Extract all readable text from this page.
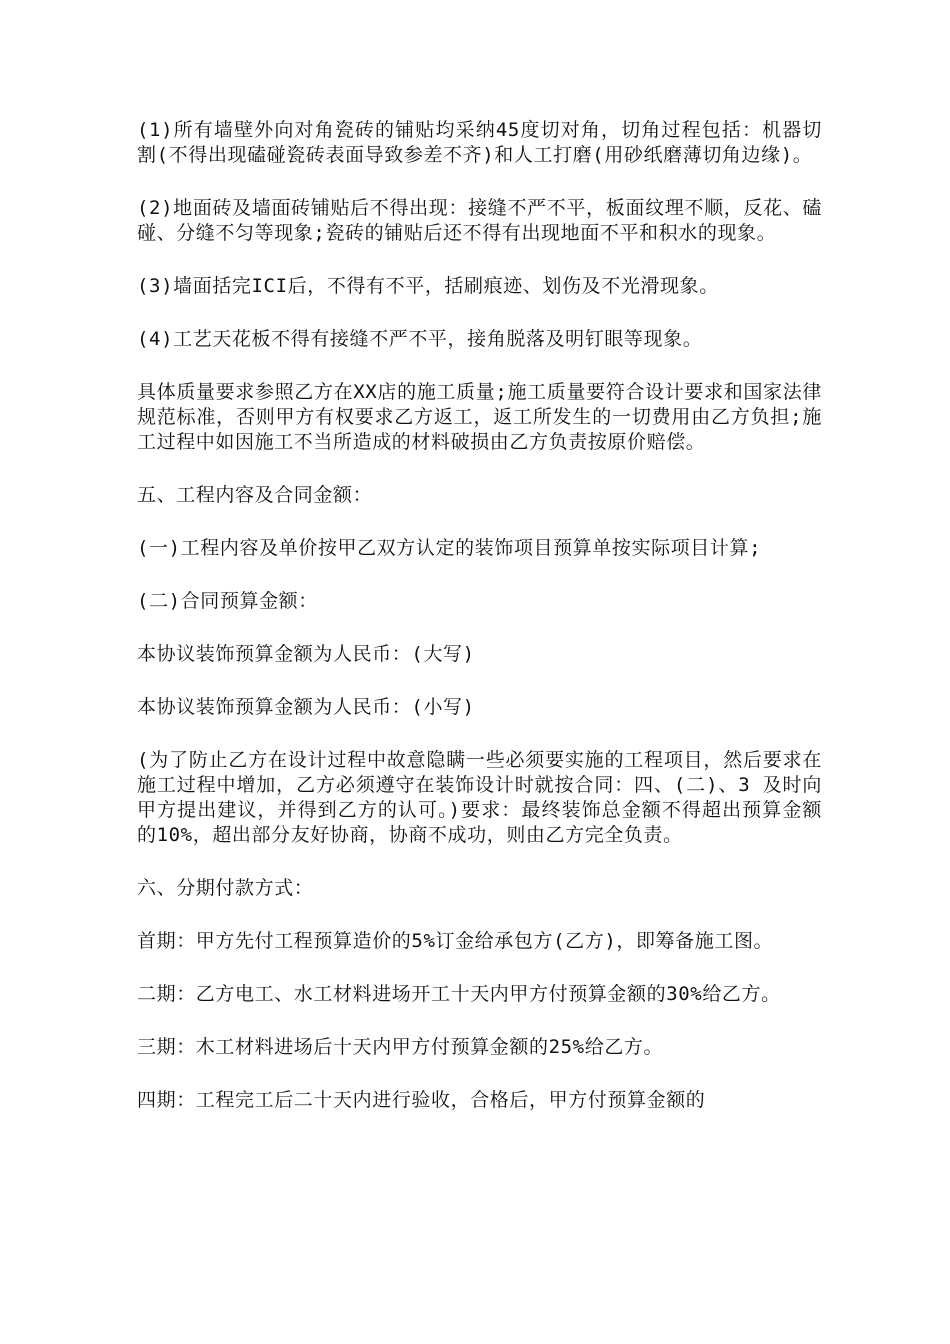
(1)所有墙壁外向对角瓷砖的铺贴均采纳45度切对角，切角过程包括：机器切割(不得出现磕碰瓷砖表面导致参差不齐)和人工打磨(用砂纸磨薄切角边缘)。

(2)地面砖及墙面砖铺贴后不得出现：接缝不严不平，板面纹理不顺，反花、磕碰、分缝不匀等现象;瓷砖的铺贴后还不得有出现地面不平和积水的现象。

(3)墙面括完ICI后，不得有不平，括刷痕迹、划伤及不光滑现象。

(4)工艺天花板不得有接缝不严不平，接角脱落及明钉眼等现象。

具体质量要求参照乙方在XX店的施工质量;施工质量要符合设计要求和国家法律规范标准，否则甲方有权要求乙方返工，返工所发生的一切费用由乙方负担;施工过程中如因施工不当所造成的材料破损由乙方负责按原价赔偿。

五、工程内容及合同金额：

(一)工程内容及单价按甲乙双方认定的装饰项目预算单按实际项目计算;

(二)合同预算金额：

本协议装饰预算金额为人民币：(大写)

本协议装饰预算金额为人民币：(小写)

(为了防止乙方在设计过程中故意隐瞒一些必须要实施的工程项目，然后要求在施工过程中增加，乙方必须遵守在装饰设计时就按合同：四、(二)、3 及时向甲方提出建议，并得到乙方的认可。)要求：最终装饰总金额不得超出预算金额的10%，超出部分友好协商，协商不成功，则由乙方完全负责。

六、分期付款方式：

首期：甲方先付工程预算造价的5%订金给承包方(乙方)，即筹备施工图。

二期：乙方电工、水工材料进场开工十天内甲方付预算金额的30%给乙方。

三期：木工材料进场后十天内甲方付预算金额的25%给乙方。

四期：工程完工后二十天内进行验收，合格后，甲方付预算金额的
